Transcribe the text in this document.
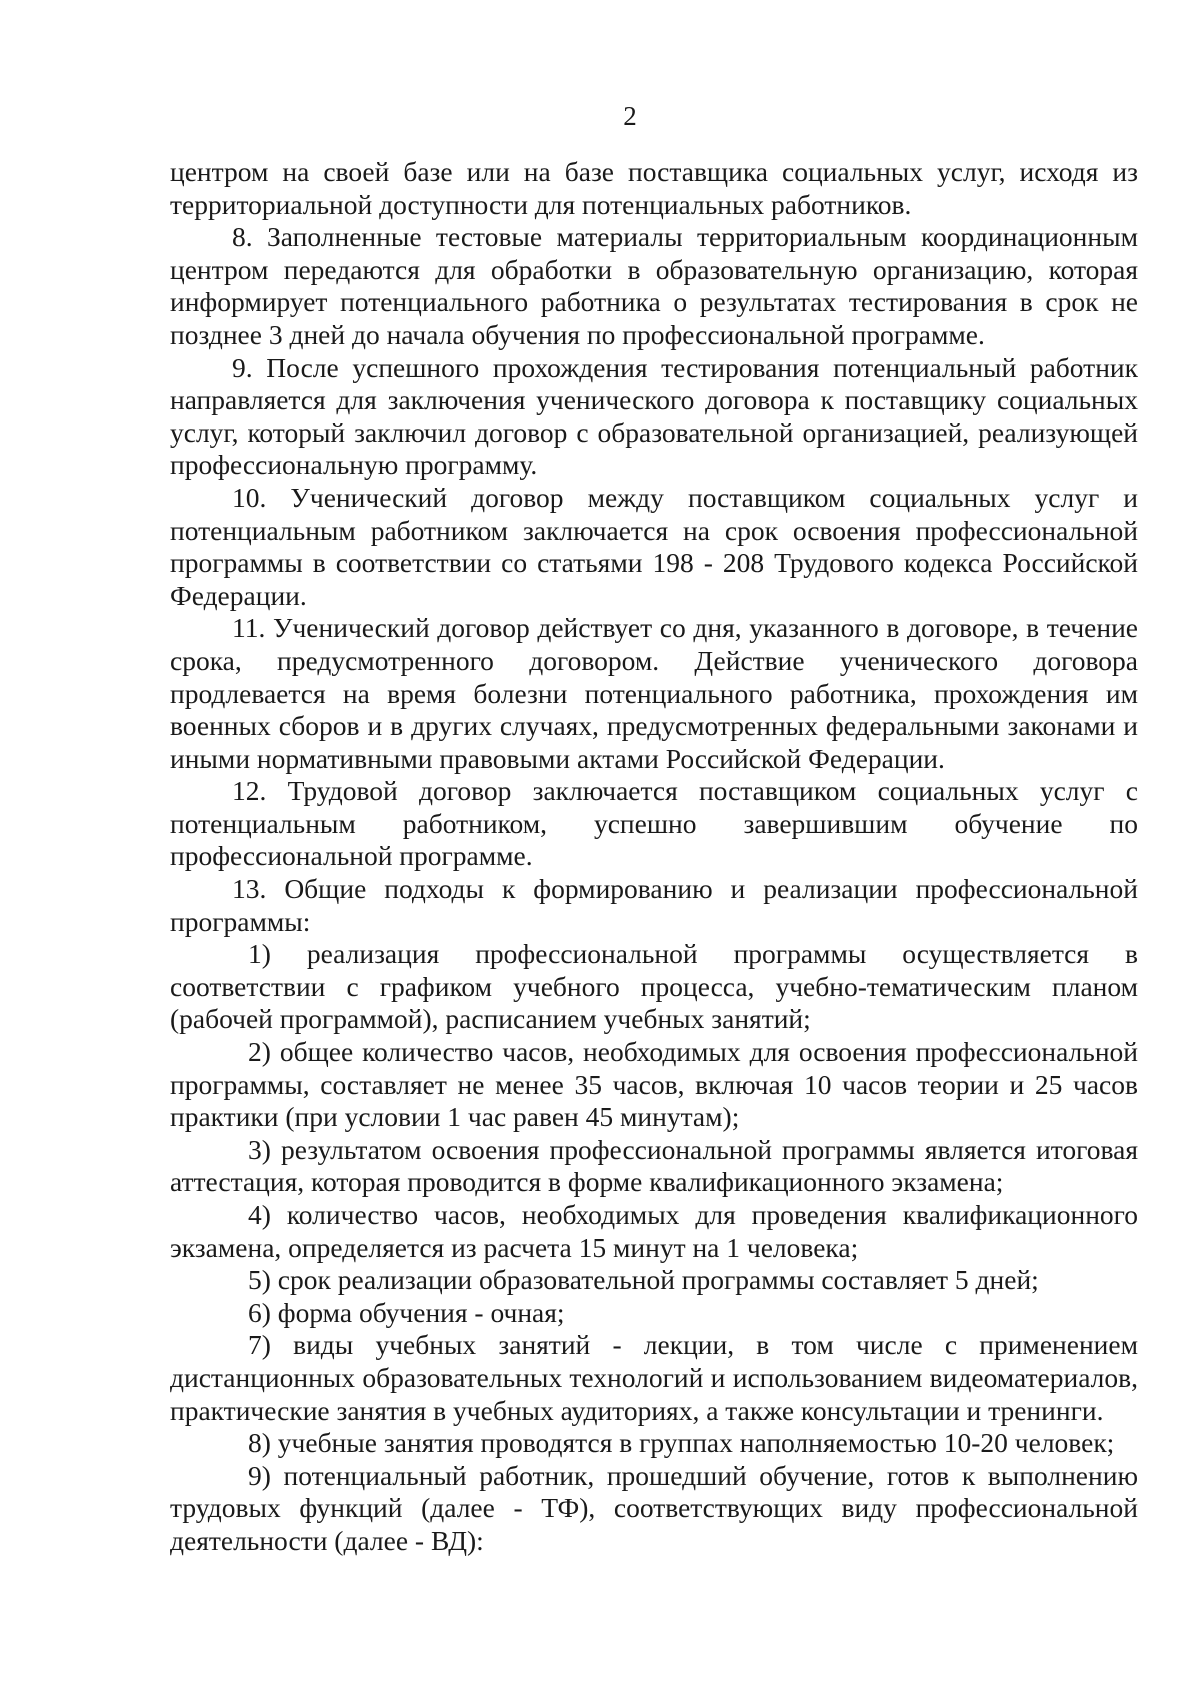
2

центром на своей базе или на базе поставщика социальных услуг, исходя из территориальной доступности для потенциальных работников.

8. Заполненные тестовые материалы территориальным координационным центром передаются для обработки в образовательную организацию, которая информирует потенциального работника о результатах тестирования в срок не позднее 3 дней до начала обучения по профессиональной программе.

9. После успешного прохождения тестирования потенциальный работник направляется для заключения ученического договора к поставщику социальных услуг, который заключил договор с образовательной организацией, реализующей профессиональную программу.

10. Ученический договор между поставщиком социальных услуг и потенциальным работником заключается на срок освоения профессиональной программы в соответствии со статьями 198 - 208 Трудового кодекса Российской Федерации.

11. Ученический договор действует со дня, указанного в договоре, в течение срока, предусмотренного договором. Действие ученического договора продлевается на время болезни потенциального работника, прохождения им военных сборов и в других случаях, предусмотренных федеральными законами и иными нормативными правовыми актами Российской Федерации.

12. Трудовой договор заключается поставщиком социальных услуг с потенциальным работником, успешно завершившим обучение по профессиональной программе.

13. Общие подходы к формированию и реализации профессиональной программы:

1) реализация профессиональной программы осуществляется в соответствии с графиком учебного процесса, учебно-тематическим планом (рабочей программой), расписанием учебных занятий;

2) общее количество часов, необходимых для освоения профессиональной программы, составляет не менее 35 часов, включая 10 часов теории и 25 часов практики (при условии 1 час равен 45 минутам);

3) результатом освоения профессиональной программы является итоговая аттестация, которая проводится в форме квалификационного экзамена;

4) количество часов, необходимых для проведения квалификационного экзамена, определяется из расчета 15 минут на 1 человека;

5) срок реализации образовательной программы составляет 5 дней;

6) форма обучения - очная;

7) виды учебных занятий - лекции, в том числе с применением дистанционных образовательных технологий и использованием видеоматериалов, практические занятия в учебных аудиториях, а также консультации и тренинги.

8) учебные занятия проводятся в группах наполняемостью 10-20 человек;

9) потенциальный работник, прошедший обучение, готов к выполнению трудовых функций (далее - ТФ), соответствующих виду профессиональной деятельности (далее - ВД):
